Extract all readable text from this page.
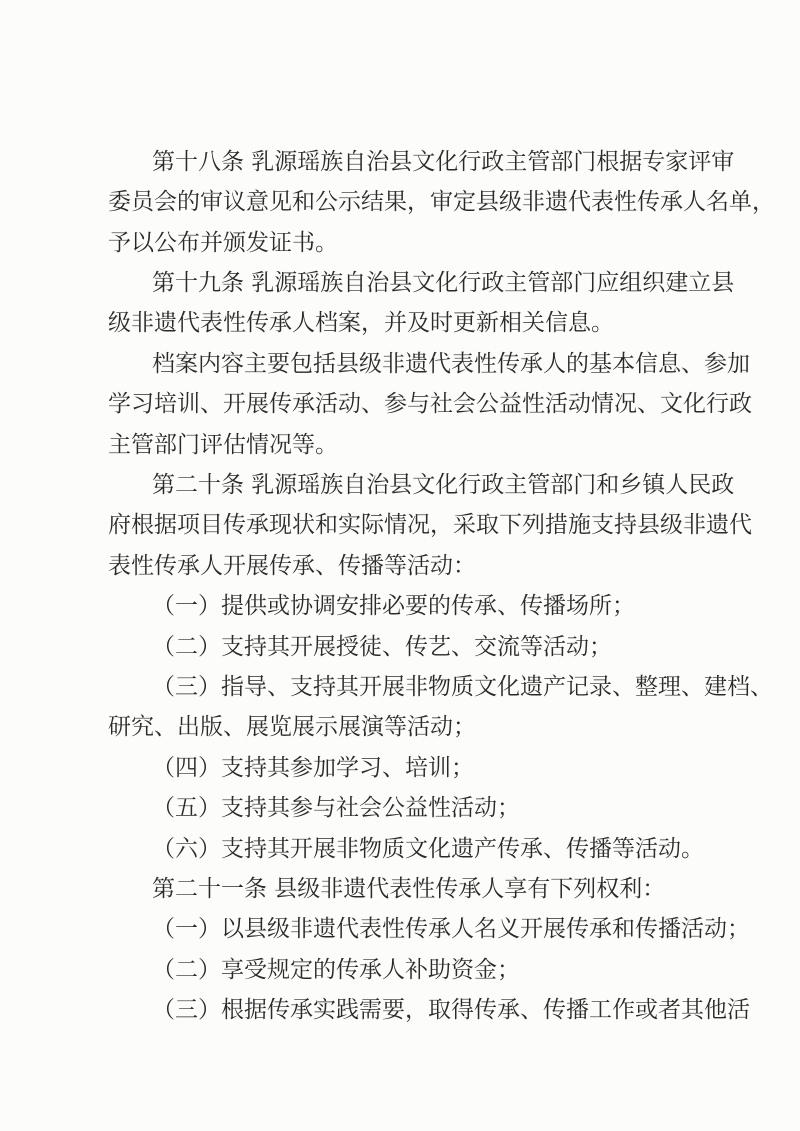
第十八条 乳源瑶族自治县文化行政主管部门根据专家评审
委员会的审议意见和公示结果，审定县级非遗代表性传承人名单，
予以公布并颁发证书。
第十九条 乳源瑶族自治县文化行政主管部门应组织建立县
级非遗代表性传承人档案，并及时更新相关信息。
档案内容主要包括县级非遗代表性传承人的基本信息、参加
学习培训、开展传承活动、参与社会公益性活动情况、文化行政
主管部门评估情况等。
第二十条 乳源瑶族自治县文化行政主管部门和乡镇人民政
府根据项目传承现状和实际情况，采取下列措施支持县级非遗代
表性传承人开展传承、传播等活动：
（一）提供或协调安排必要的传承、传播场所；
（二）支持其开展授徒、传艺、交流等活动；
（三）指导、支持其开展非物质文化遗产记录、整理、建档、
研究、出版、展览展示展演等活动；
（四）支持其参加学习、培训；
（五）支持其参与社会公益性活动；
（六）支持其开展非物质文化遗产传承、传播等活动。
第二十一条 县级非遗代表性传承人享有下列权利：
（一）以县级非遗代表性传承人名义开展传承和传播活动；
（二）享受规定的传承人补助资金；
（三）根据传承实践需要，取得传承、传播工作或者其他活
